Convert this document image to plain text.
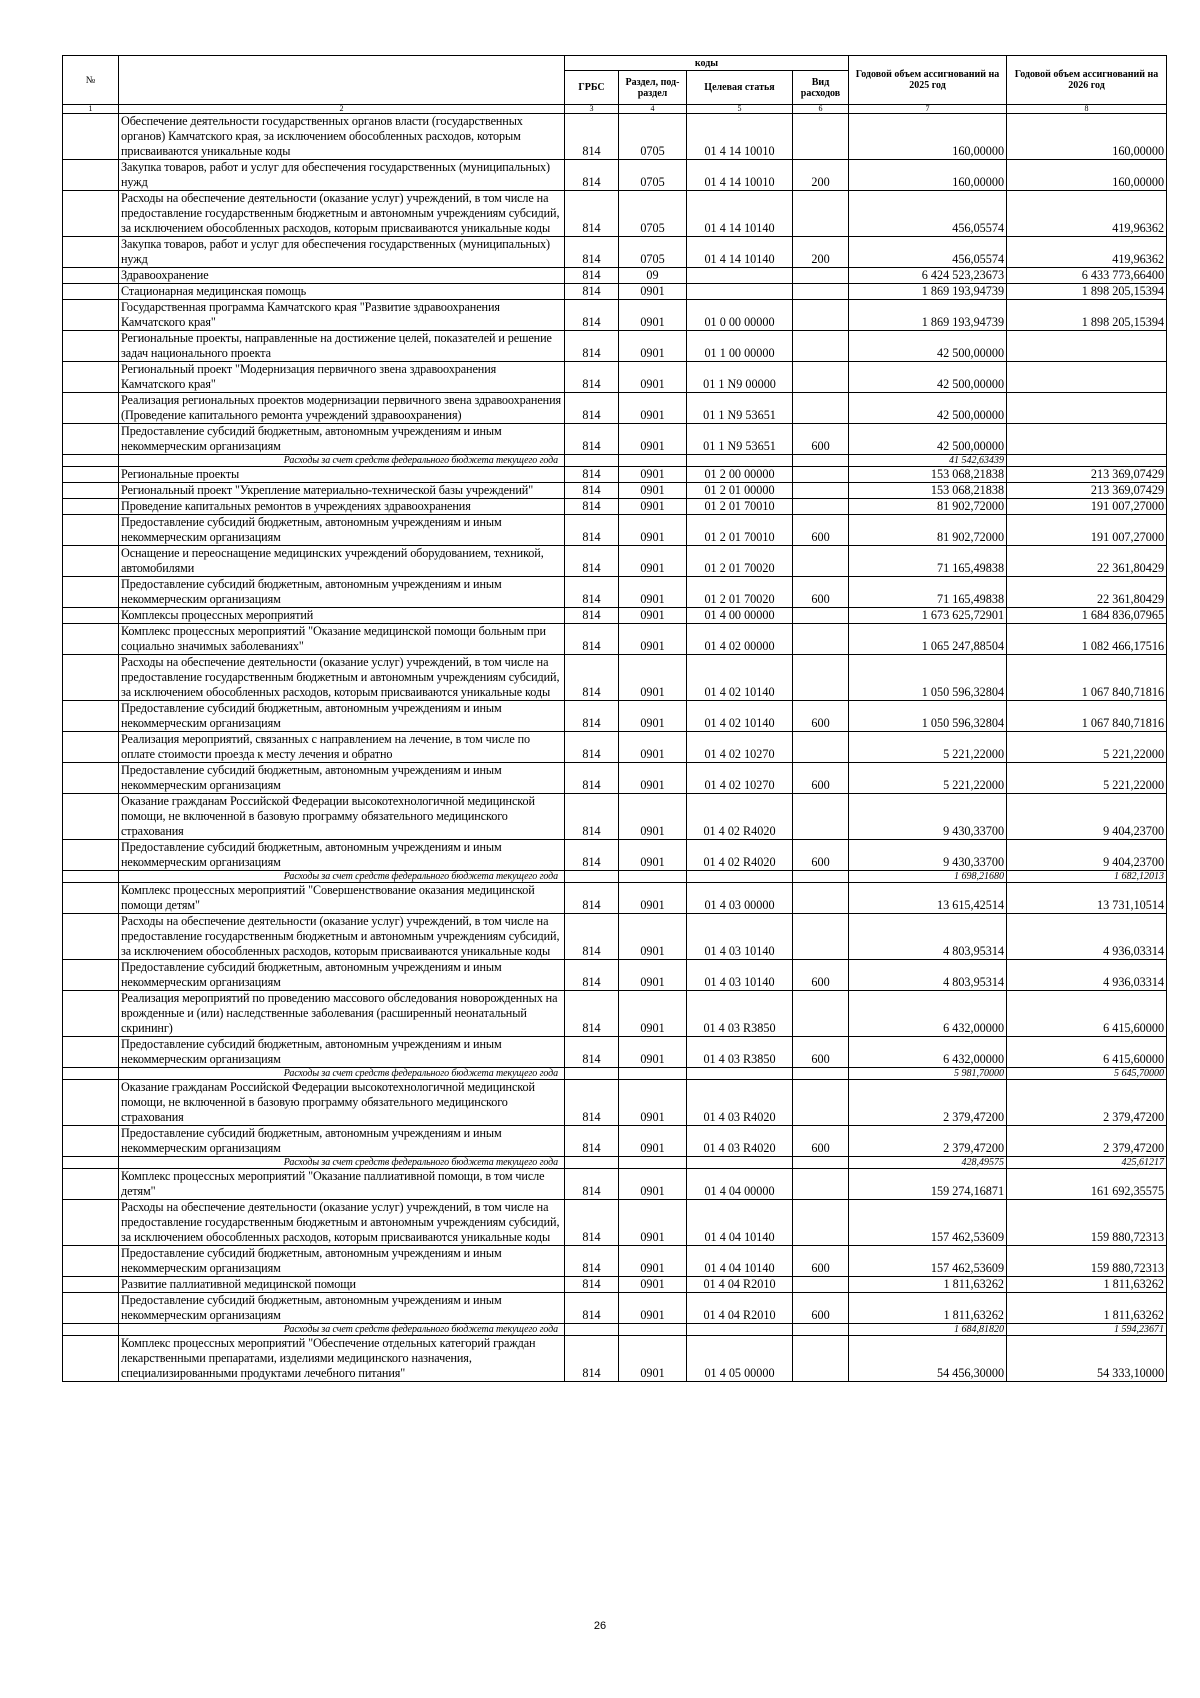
№		коды				Годовой объем ассигнований на 2025 год	Годовой объем ассигнований на 2026 год
		ГРБС	Раздел, под-раздел	Целевая статья	Вид расходов		
1	2	3	4	5	6	7	8
	Обеспечение деятельности государственных органов власти (государственных органов) Камчатского края, за исключением обособленных расходов, которым присваиваются уникальные коды	814	0705	01 4 14 10010		160,00000	160,00000
	Закупка товаров, работ и услуг для обеспечения государственных (муниципальных) нужд	814	0705	01 4 14 10010	200	160,00000	160,00000
	Расходы на обеспечение деятельности (оказание услуг) учреждений, в том числе на предоставление государственным бюджетным и автономным учреждениям субсидий, за исключением обособленных расходов, которым присваиваются уникальные коды	814	0705	01 4 14 10140		456,05574	419,96362
	Закупка товаров, работ и услуг для обеспечения государственных (муниципальных) нужд	814	0705	01 4 14 10140	200	456,05574	419,96362
	Здравоохранение	814	09			6 424 523,23673	6 433 773,66400
	Стационарная медицинская помощь	814	0901			1 869 193,94739	1 898 205,15394
	Государственная программа Камчатского края "Развитие здравоохранения Камчатского края"	814	0901	01 0 00 00000		1 869 193,94739	1 898 205,15394
	Региональные проекты, направленные на достижение целей, показателей и решение задач национального проекта	814	0901	01 1 00 00000		42 500,00000	
	Региональный проект "Модернизация первичного звена здравоохранения Камчатского края"	814	0901	01 1 N9 00000		42 500,00000	
	Реализация региональных проектов модернизации первичного звена здравоохранения (Проведение капитального ремонта учреждений здравоохранения)	814	0901	01 1 N9 53651		42 500,00000	
	Предоставление субсидий бюджетным, автономным учреждениям и иным некоммерческим организациям	814	0901	01 1 N9 53651	600	42 500,00000	
	Расходы за счет средств федерального бюджета текущего года					41 542,63439	
	Региональные проекты	814	0901	01 2 00 00000		153 068,21838	213 369,07429
	Региональный проект "Укрепление материально-технической базы учреждений"	814	0901	01 2 01 00000		153 068,21838	213 369,07429
	Проведение капитальных ремонтов в учреждениях здравоохранения	814	0901	01 2 01 70010		81 902,72000	191 007,27000
	Предоставление субсидий бюджетным, автономным учреждениям и иным некоммерческим организациям	814	0901	01 2 01 70010	600	81 902,72000	191 007,27000
	Оснащение и переоснащение медицинских учреждений оборудованием, техникой, автомобилями	814	0901	01 2 01 70020		71 165,49838	22 361,80429
	Предоставление субсидий бюджетным, автономным учреждениям и иным некоммерческим организациям	814	0901	01 2 01 70020	600	71 165,49838	22 361,80429
	Комплексы процессных мероприятий	814	0901	01 4 00 00000		1 673 625,72901	1 684 836,07965
	Комплекс процессных мероприятий "Оказание медицинской помощи больным при социально значимых заболеваниях"	814	0901	01 4 02 00000		1 065 247,88504	1 082 466,17516
	Расходы на обеспечение деятельности (оказание услуг) учреждений, в том числе на предоставление государственным бюджетным и автономным учреждениям субсидий, за исключением обособленных расходов, которым присваиваются уникальные коды	814	0901	01 4 02 10140		1 050 596,32804	1 067 840,71816
	Предоставление субсидий бюджетным, автономным учреждениям и иным некоммерческим организациям	814	0901	01 4 02 10140	600	1 050 596,32804	1 067 840,71816
	Реализация мероприятий, связанных с направлением на лечение, в том числе по оплате стоимости проезда к месту лечения и обратно	814	0901	01 4 02 10270		5 221,22000	5 221,22000
	Предоставление субсидий бюджетным, автономным учреждениям и иным некоммерческим организациям	814	0901	01 4 02 10270	600	5 221,22000	5 221,22000
	Оказание гражданам Российской Федерации высокотехнологичной медицинской помощи, не включенной в базовую программу обязательного медицинского страхования	814	0901	01 4 02 R4020		9 430,33700	9 404,23700
	Предоставление субсидий бюджетным, автономным учреждениям и иным некоммерческим организациям	814	0901	01 4 02 R4020	600	9 430,33700	9 404,23700
	Расходы за счет средств федерального бюджета текущего года					1 698,21680	1 682,12013
	Комплекс процессных мероприятий "Совершенствование оказания медицинской помощи детям"	814	0901	01 4 03 00000		13 615,42514	13 731,10514
	Расходы на обеспечение деятельности (оказание услуг) учреждений, в том числе на предоставление государственным бюджетным и автономным учреждениям субсидий, за исключением обособленных расходов, которым присваиваются уникальные коды	814	0901	01 4 03 10140		4 803,95314	4 936,03314
	Предоставление субсидий бюджетным, автономным учреждениям и иным некоммерческим организациям	814	0901	01 4 03 10140	600	4 803,95314	4 936,03314
	Реализация мероприятий по проведению массового обследования новорожденных на врожденные и (или) наследственные заболевания (расширенный неонатальный скрининг)	814	0901	01 4 03 R3850		6 432,00000	6 415,60000
	Предоставление субсидий бюджетным, автономным учреждениям и иным некоммерческим организациям	814	0901	01 4 03 R3850	600	6 432,00000	6 415,60000
	Расходы за счет средств федерального бюджета текущего года					5 981,70000	5 645,70000
	Оказание гражданам Российской Федерации высокотехнологичной медицинской помощи, не включенной в базовую программу обязательного медицинского страхования	814	0901	01 4 03 R4020		2 379,47200	2 379,47200
	Предоставление субсидий бюджетным, автономным учреждениям и иным некоммерческим организациям	814	0901	01 4 03 R4020	600	2 379,47200	2 379,47200
	Расходы за счет средств федерального бюджета текущего года					428,49575	425,61217
	Комплекс процессных мероприятий "Оказание паллиативной помощи, в том числе детям"	814	0901	01 4 04 00000		159 274,16871	161 692,35575
	Расходы на обеспечение деятельности (оказание услуг) учреждений, в том числе на предоставление государственным бюджетным и автономным учреждениям субсидий, за исключением обособленных расходов, которым присваиваются уникальные коды	814	0901	01 4 04 10140		157 462,53609	159 880,72313
	Предоставление субсидий бюджетным, автономным учреждениям и иным некоммерческим организациям	814	0901	01 4 04 10140	600	157 462,53609	159 880,72313
	Развитие паллиативной медицинской помощи	814	0901	01 4 04 R2010		1 811,63262	1 811,63262
	Предоставление субсидий бюджетным, автономным учреждениям и иным некоммерческим организациям	814	0901	01 4 04 R2010	600	1 811,63262	1 811,63262
	Расходы за счет средств федерального бюджета текущего года					1 684,81820	1 594,23671
	Комплекс процессных мероприятий "Обеспечение отдельных категорий граждан лекарственными препаратами, изделиями медицинского назначения, специализированными продуктами лечебного питания"	814	0901	01 4 05 00000		54 456,30000	54 333,10000
26
